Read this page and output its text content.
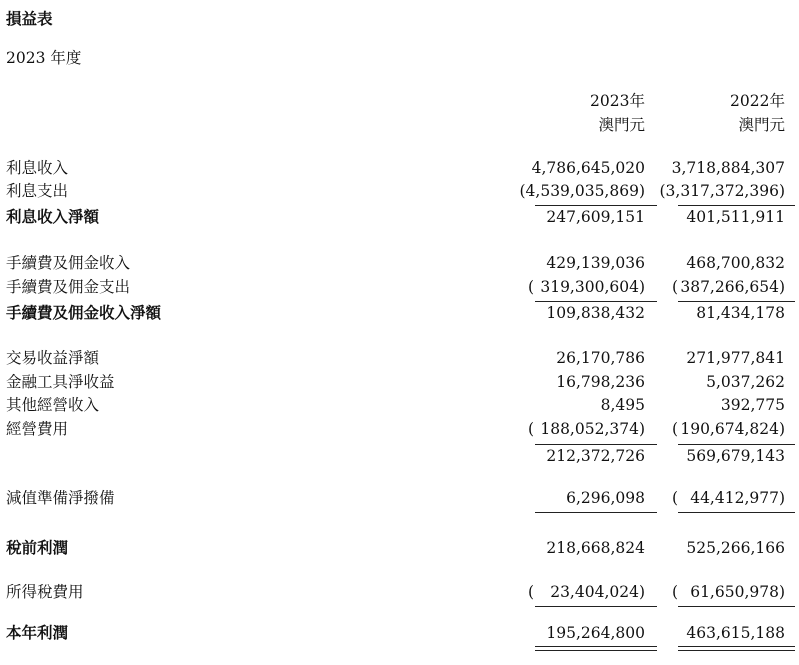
損益表
2023 年度
2023年
澳門元
2022年
澳門元
利息收入	4,786,645,020 3,718,884,307
利息支出	(4,539,035,869) (3,317,372,396)
利息收入淨額	247,609,151	401,511,911
手續費及佣金收入	429,139,036	468,700,832
手續費及佣金支出	( 319,300,604) ( 387,266,654)
手續費及佣金收入淨額	109,838,432	81,434,178
交易收益淨額	26,170,786	271,977,841
金融工具淨收益	16,798,236	5,037,262
其他經營收入	8,495	392,775
經營費用	( 188,052,374) ( 190,674,824)
212,372,726	569,679,143
減值準備淨撥備	6,296,098 ( 44,412,977)
稅前利潤	218,668,824	525,266,166
所得稅費用	( 23,404,024) ( 61,650,978)
本年利潤	195,264,800	463,615,188
